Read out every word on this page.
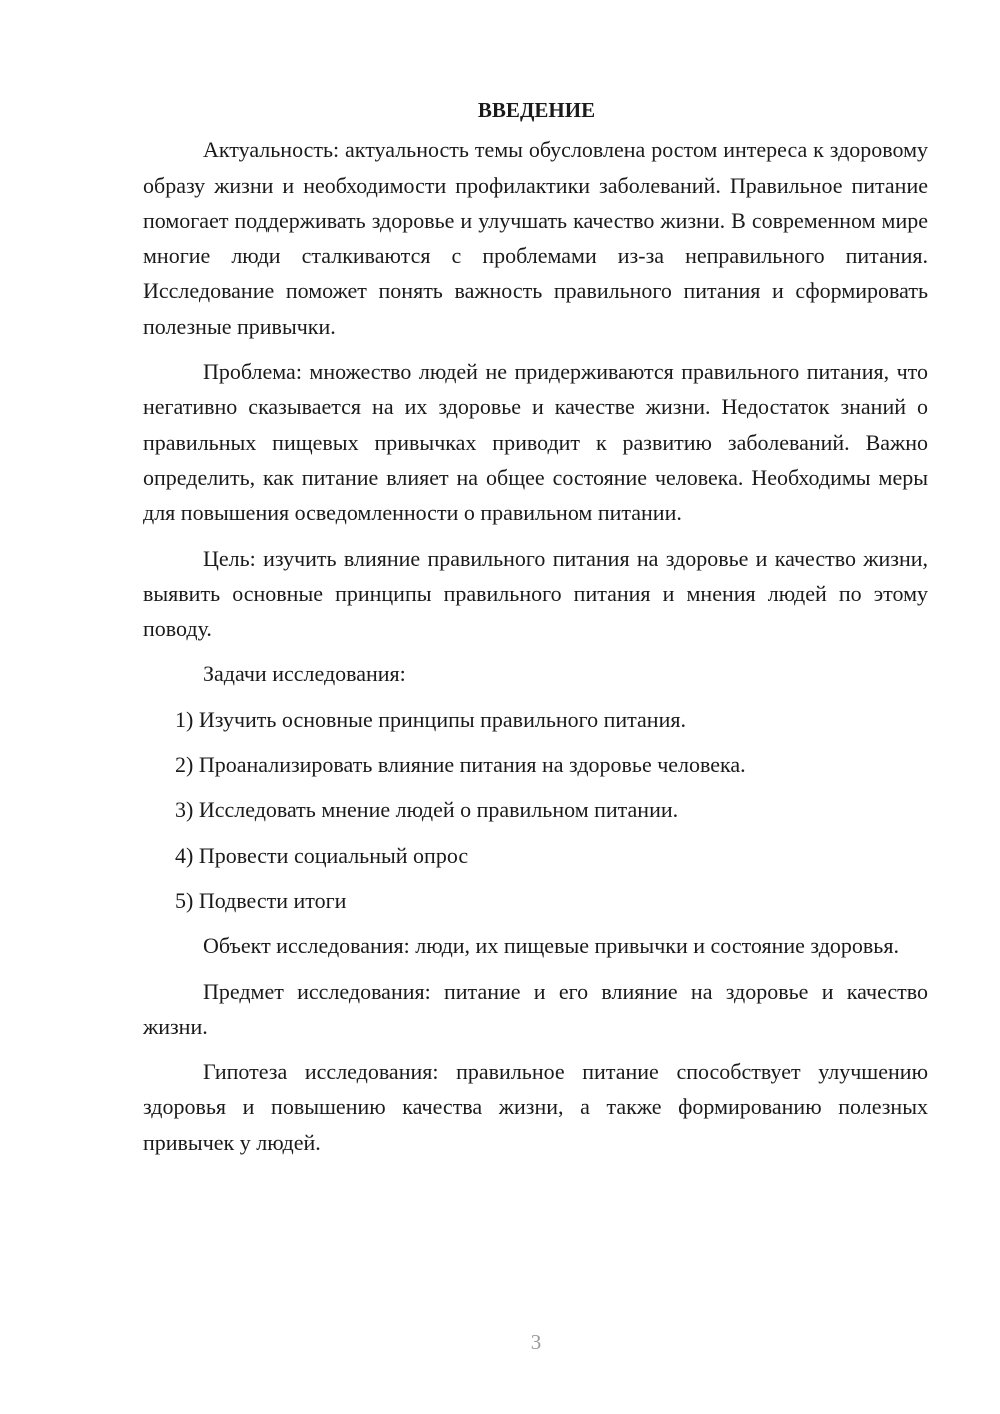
ВВЕДЕНИЕ

Актуальность: актуальность темы обусловлена ростом интереса к здоровому образу жизни и необходимости профилактики заболеваний. Правильное питание помогает поддерживать здоровье и улучшать качество жизни. В современном мире многие люди сталкиваются с проблемами из-за неправильного питания. Исследование поможет понять важность правильного питания и сформировать полезные привычки.

Проблема: множество людей не придерживаются правильного питания, что негативно сказывается на их здоровье и качестве жизни. Недостаток знаний о правильных пищевых привычках приводит к развитию заболеваний. Важно определить, как питание влияет на общее состояние человека. Необходимы меры для повышения осведомленности о правильном питании.

Цель: изучить влияние правильного питания на здоровье и качество жизни, выявить основные принципы правильного питания и мнения людей по этому поводу.

Задачи исследования:

1) Изучить основные принципы правильного питания.
2) Проанализировать влияние питания на здоровье человека.
3) Исследовать мнение людей о правильном питании.
4) Провести социальный опрос
5) Подвести итоги

Объект исследования: люди, их пищевые привычки и состояние здоровья.

Предмет исследования: питание и его влияние на здоровье и качество жизни.

Гипотеза исследования: правильное питание способствует улучшению здоровья и повышению качества жизни, а также формированию полезных привычек у людей.

3
